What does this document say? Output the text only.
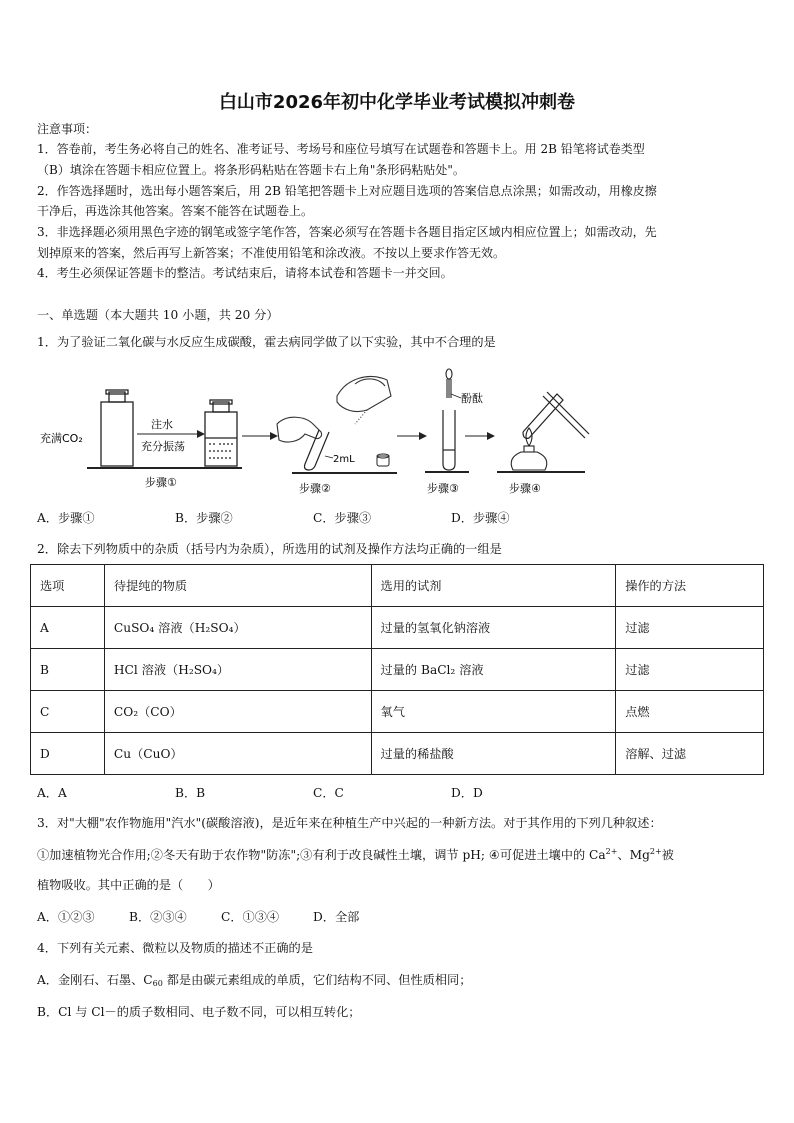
白山市2026年初中化学毕业考试模拟冲刺卷
注意事项：
1．答卷前，考生务必将自己的姓名、准考证号、考场号和座位号填写在试题卷和答题卡上。用 2B 铅笔将试卷类型
（B）填涂在答题卡相应位置上。将条形码粘贴在答题卡右上角"条形码粘贴处"。
2．作答选择题时，选出每小题答案后，用 2B 铅笔把答题卡上对应题目选项的答案信息点涂黑；如需改动，用橡皮擦
干净后，再选涂其他答案。答案不能答在试题卷上。
3．非选择题必须用黑色字迹的钢笔或签字笔作答，答案必须写在答题卡各题目指定区域内相应位置上；如需改动，先
划掉原来的答案，然后再写上新答案；不准使用铅笔和涂改液。不按以上要求作答无效。
4．考生必须保证答题卡的整洁。考试结束后，请将本试卷和答题卡一并交回。
一、单选题（本大题共 10 小题，共 20 分）
1．为了验证二氧化碳与水反应生成碳酸，霍去病同学做了以下实验，其中不合理的是
充满CO₂
注水
充分振荡
步骤①
2mL
步骤②
酚酞
步骤③	步骤④
A．步骤①	B．步骤②	C．步骤③	D．步骤④
2．除去下列物质中的杂质（括号内为杂质），所选用的试剂及操作方法均正确的一组是
选项	待提纯的物质	选用的试剂	操作的方法
A	CuSO₄ 溶液（H₂SO₄）	过量的氢氧化钠溶液	过滤
B	HCl 溶液（H₂SO₄）	过量的 BaCl₂ 溶液	过滤
C	CO₂（CO）	氧气	点燃
D	Cu（CuO）	过量的稀盐酸	溶解、过滤
A．A	B．B	C．C	D．D
3．对"大棚"农作物施用"汽水"(碳酸溶液)，是近年来在种植生产中兴起的一种新方法。对于其作用的下列几种叙述：
①加速植物光合作用;②冬天有助于农作物"防冻";③有利于改良碱性土壤，调节 pH; ④可促进土壤中的 $Ca^{2+}$、$Mg^{2+}$被
植物吸收。其中正确的是（　　）
A．①②③	B．②③④	C．①③④	D．全部
4．下列有关元素、微粒以及物质的描述不正确的是
A．金刚石、石墨、$C_{60}$ 都是由碳元素组成的单质，它们结构不同、但性质相同；
B．Cl 与 Cl－的质子数相同、电子数不同，可以相互转化；
